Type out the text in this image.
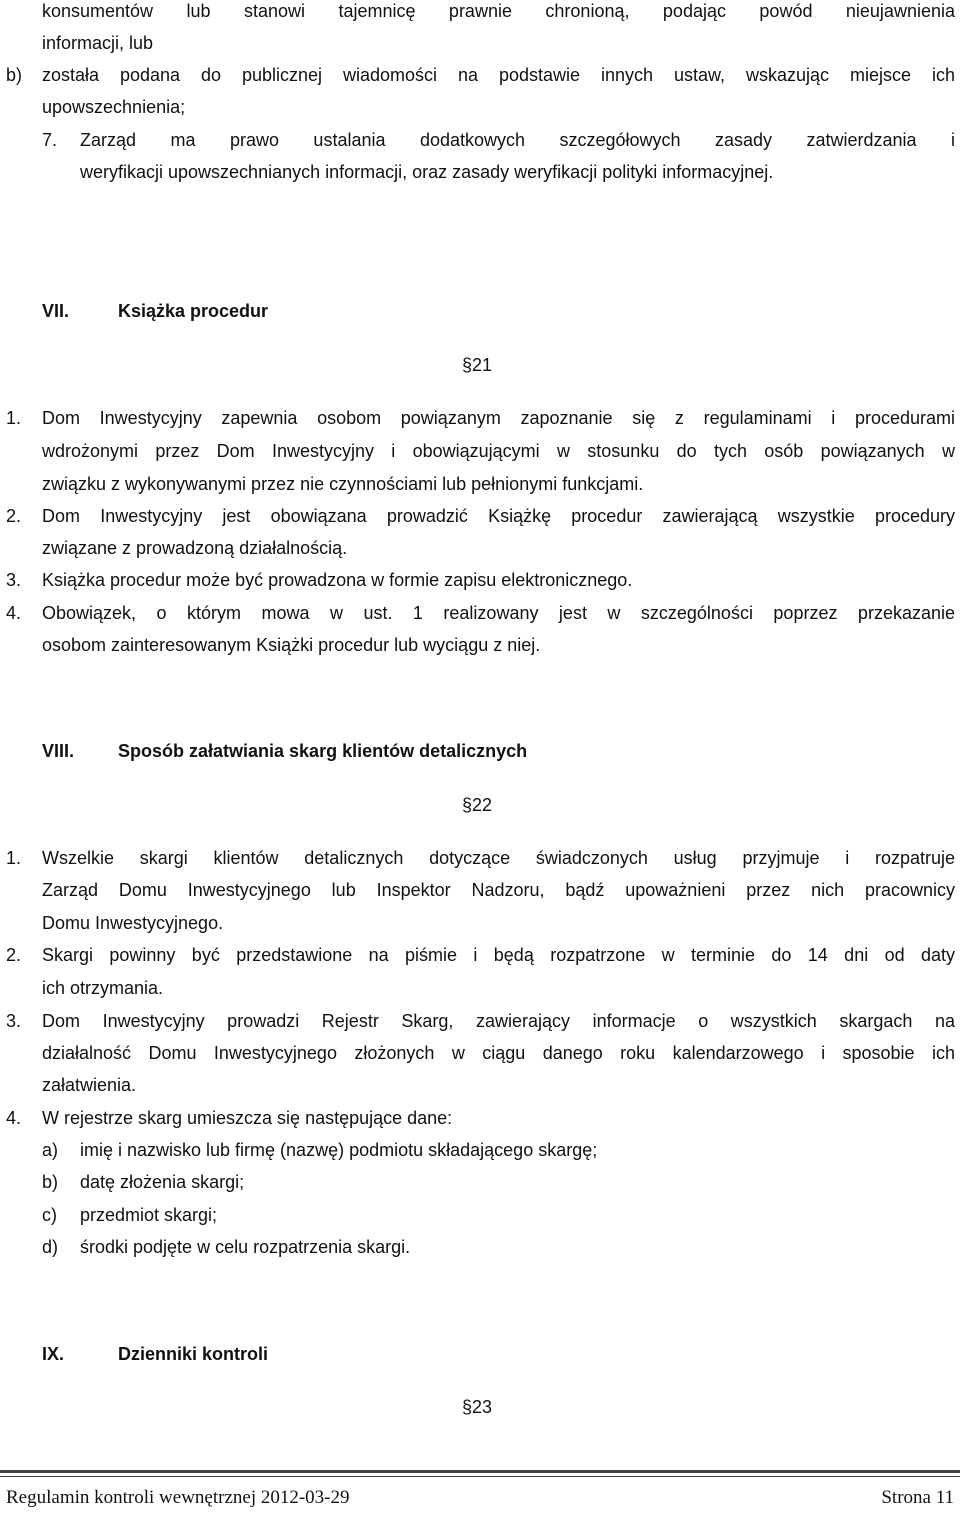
konsumentów lub stanowi tajemnicę prawnie chronioną, podając powód nieujawnienia
informacji, lub
b) została podana do publicznej wiadomości na podstawie innych ustaw, wskazując miejsce ich
upowszechnienia;
7. Zarząd ma prawo ustalania dodatkowych szczegółowych zasady zatwierdzania i
weryfikacji upowszechnianych informacji, oraz zasady weryfikacji polityki informacyjnej.
VII.	Książka procedur
§21
1. Dom Inwestycyjny zapewnia osobom powiązanym zapoznanie się z regulaminami i procedurami
wdrożonymi przez Dom Inwestycyjny i obowiązującymi w stosunku do tych osób powiązanych w
związku z wykonywanymi przez nie czynnościami lub pełnionymi funkcjami.
2. Dom Inwestycyjny jest obowiązana prowadzić Książkę procedur zawierającą wszystkie procedury
związane z prowadzoną działalnością.
3. Książka procedur może być prowadzona w formie zapisu elektronicznego.
4. Obowiązek, o którym mowa w ust. 1 realizowany jest w szczególności poprzez przekazanie
osobom zainteresowanym Książki procedur lub wyciągu z niej.
VIII. Sposób załatwiania skarg klientów detalicznych
§22
1. Wszelkie skargi klientów detalicznych dotyczące świadczonych usług przyjmuje i rozpatruje
Zarząd Domu Inwestycyjnego lub Inspektor Nadzoru, bądź upoważnieni przez nich pracownicy
Domu Inwestycyjnego.
2. Skargi powinny być przedstawione na piśmie i będą rozpatrzone w terminie do 14 dni od daty
ich otrzymania.
3. Dom Inwestycyjny prowadzi Rejestr Skarg, zawierający informacje o wszystkich skargach na
działalność Domu Inwestycyjnego złożonych w ciągu danego roku kalendarzowego i sposobie ich
załatwienia.
4. W rejestrze skarg umieszcza się następujące dane:
a) imię i nazwisko lub firmę (nazwę) podmiotu składającego skargę;
b) datę złożenia skargi;
c) przedmiot skargi;
d) środki podjęte w celu rozpatrzenia skargi.
IX.	Dzienniki kontroli
§23
Regulamin kontroli wewnętrznej 2012-03-29	Strona 11
